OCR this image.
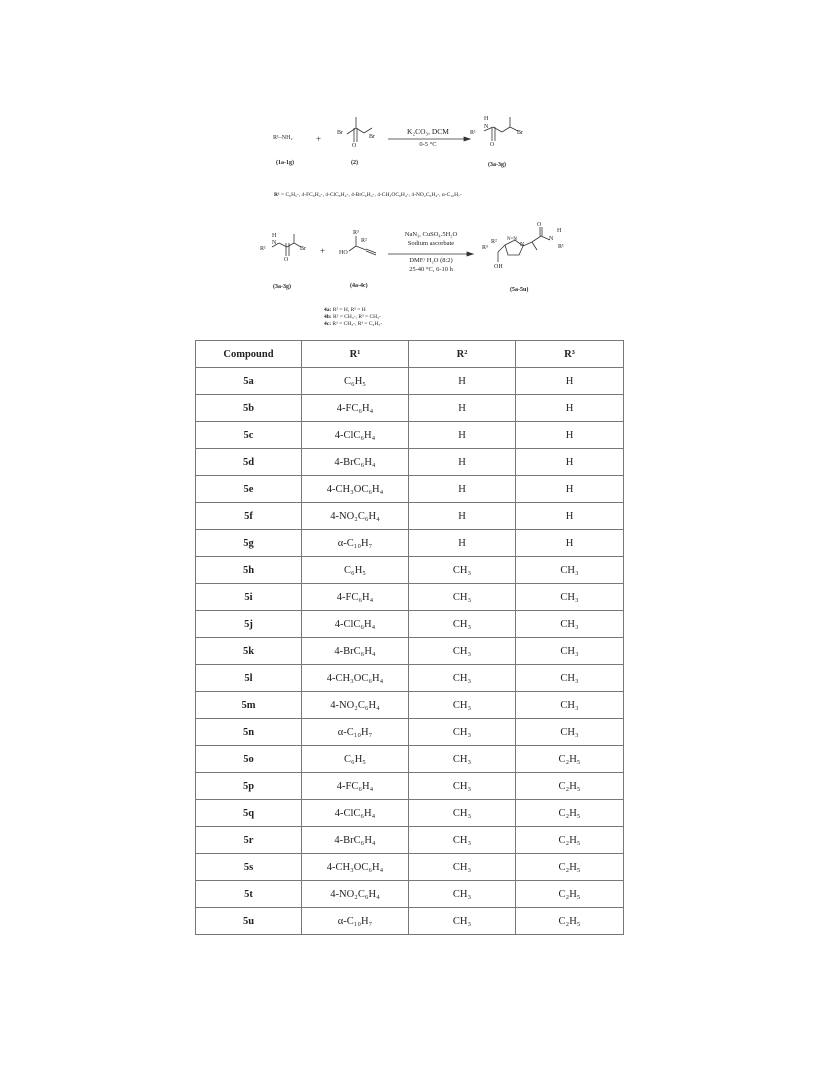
R¹–NH₂	+
Br
Br
O
(1a-1g)	(2)
K₂CO₃, DCM
0-5 °C
H
N
R¹
O
Br
(3a-3g)
R¹ = C₆H₅-, 4-FC₆H₄-, 4-ClC₆H₄-, 4-BrC₆H₄-, 4-CH₃OC₆H₄-, 4-NO₂C₆H₄-, α-C₁₀H₇-
H
N
R¹
O
Br +
R³
R²
HO
(3a-3g)	(4a-4c)
NaN₃, CuSO₄.5H₂O
Sodium ascorbate
DMF/ H₂O (8:2)
25-40 °C, 6-10 h
R³
R²
OH
N=N
N
O
H
N
R¹
(5a-5u)
4a: R² = H, R³ = H
4b: R² = CH₃-, R³ = CH₃-
4c: R² = CH₃-, R³ = C₂H₅-
Compound	R¹	R²	R³
5a	C₆H₅	H	H
5b	4-FC₆H₄	H	H
5c	4-ClC₆H₄	H	H
5d	4-BrC₆H₄	H	H
5e	4-CH₃OC₆H₄	H	H
5f	4-NO₂C₆H₄	H	H
5g	α-C₁₀H₇	H	H
5h	C₆H₅	CH₃	CH₃
5i	4-FC₆H₄	CH₃	CH₃
5j	4-ClC₆H₄	CH₃	CH₃
5k	4-BrC₆H₄	CH₃	CH₃
5l	4-CH₃OC₆H₄	CH₃	CH₃
5m	4-NO₂C₆H₄	CH₃	CH₃
5n	α-C₁₀H₇	CH₃	CH₃
5o	C₆H₅	CH₃	C₂H₅
5p	4-FC₆H₄	CH₃	C₂H₅
5q	4-ClC₆H₄	CH₃	C₂H₅
5r	4-BrC₆H₄	CH₃	C₂H₅
5s	4-CH₃OC₆H₄	CH₃	C₂H₅
5t	4-NO₂C₆H₄	CH₃	C₂H₅
5u	α-C₁₀H₇	CH₃	C₂H₅
